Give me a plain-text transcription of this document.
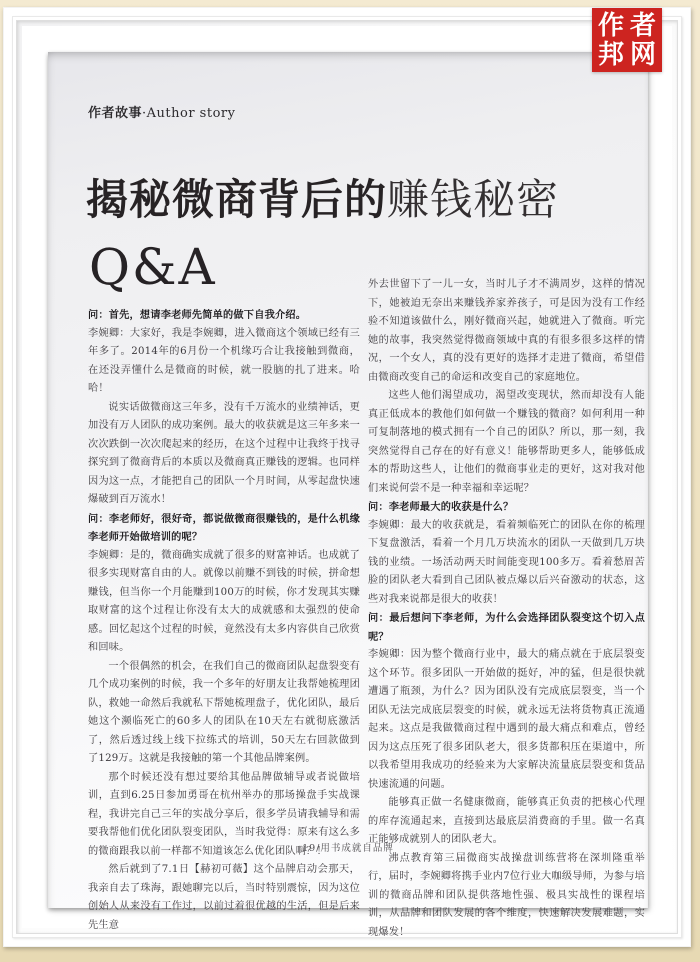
作 者
邦 网
作者故事·Author story
揭秘微商背后的赚钱秘密
Q&A

问：首先，想请李老师先简单的做下自我介绍。

李婉卿：大家好，我是李婉卿，进入微商这个领域已经有三年多了。2014年的6月份一个机缘巧合让我接触到微商，在还没弄懂什么是微商的时候，就一股脑的扎了进来。哈哈！

说实话做微商这三年多，没有千万流水的业绩神话，更加没有万人团队的成功案例。最大的收获就是这三年多来一次次跌倒一次次爬起来的经历，在这个过程中让我终于找寻探究到了微商背后的本质以及微商真正赚钱的逻辑。也同样因为这一点，才能把自己的团队一个月时间，从零起盘快速爆破到百万流水！

问：李老师好，很好奇，都说做微商很赚钱的，是什么机缘李老师开始做培训的呢？

李婉卿：是的，微商确实成就了很多的财富神话。也成就了很多实现财富自由的人。就像以前赚不到钱的时候，拼命想赚钱，但当你一个月能赚到100万的时候，你才发现其实赚取财富的这个过程让你没有太大的成就感和太强烈的使命感。回忆起这个过程的时候，竟然没有太多内容供自己欣赏和回味。

一个很偶然的机会，在我们自己的微商团队起盘裂变有几个成功案例的时候，我一个多年的好朋友让我帮她梳理团队，救她一命然后我就私下帮她梳理盘子，优化团队，最后她这个濒临死亡的60多人的团队在10天左右就彻底激活了，然后透过线上线下拉练式的培训，50天左右回款做到了129万。这就是我接触的第一个其他品牌案例。

那个时候还没有想过要给其他品牌做辅导或者说做培训，直到6.25日参加勇哥在杭州举办的那场操盘手实战课程，我讲完自己三年的实战分享后，很多学员请我辅导和需要我帮他们优化团队裂变团队，当时我觉得：原来有这么多的微商跟我以前一样都不知道该怎么优化团队啊？！

然后就到了7.1日【赫初可薇】这个品牌启动会那天，我亲自去了珠海，跟她聊完以后，当时特别震惊，因为这位创始人从来没有工作过，以前过着很优越的生活，但是后来先生意

外去世留下了一儿一女，当时儿子才不满周岁，这样的情况下，她被迫无奈出来赚钱养家养孩子，可是因为没有工作经验不知道该做什么，刚好微商兴起，她就进入了微商。听完她的故事，我突然觉得微商领域中真的有很多很多这样的情况，一个女人，真的没有更好的选择才走进了微商，希望借由微商改变自己的命运和改变自己的家庭地位。

这些人他们渴望成功，渴望改变现状，然而却没有人能真正低成本的教他们如何做一个赚钱的微商？如何利用一种可复制落地的模式拥有一个自己的团队？所以，那一刻，我突然觉得自己存在的好有意义！能够帮助更多人，能够低成本的帮助这些人，让他们的微商事业走的更好，这对我对他们来说何尝不是一种幸福和幸运呢？

问：李老师最大的收获是什么？

李婉卿：最大的收获就是，看着频临死亡的团队在你的梳理下复盘激活，看着一个月几万块流水的团队一天做到几万块钱的业绩。一场活动两天时间能变现100多万。看着愁眉苦脸的团队老大看到自己团队被点爆以后兴奋激动的状态，这些对我来说都是很大的收获！

问：最后想问下李老师，为什么会选择团队裂变这个切入点呢？

李婉卿：因为整个微商行业中，最大的痛点就在于底层裂变这个环节。很多团队一开始做的挺好，冲的猛，但是很快就遭遇了瓶颈，为什么？因为团队没有完成底层裂变，当一个团队无法完成底层裂变的时候，就永远无法将货物真正流通起来。这点是我做微商过程中遇到的最大痛点和难点，曾经因为这点压死了很多团队老大，很多货都积压在渠道中，所以我希望用我成功的经验来为大家解决流量底层裂变和货品快速流通的问题。

能够真正做一名健康微商，能够真正负责的把核心代理的库存流通起来，直接到达最底层消费商的手里。做一名真正能够成就别人的团队老大。

沸点教育第三届微商实战操盘训练营将在深圳隆重举行，届时，李婉卿将携手业内7位行业大咖级导师，为参与培训的微商品牌和团队提供落地性强、极具实战性的课程培训，从品牌和团队发展的各个维度，快速解决发展难题，实现爆发！

19/用书成就自品牌
